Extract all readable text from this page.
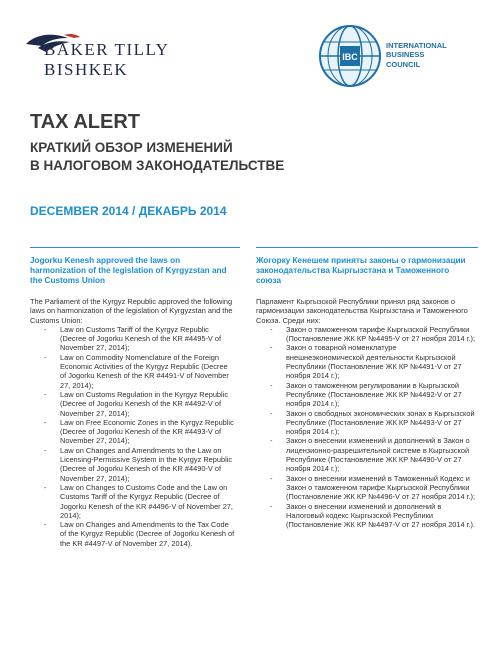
BAKER TILLY
BISHKEK
IBC
INTERNATIONAL
BUSINESS
COUNCIL
TAX ALERT
КРАТКИЙ ОБЗОР ИЗМЕНЕНИЙ
В НАЛОГОВОМ ЗАКОНОДАТЕЛЬСТВЕ
DECEMBER 2014 / ДЕКАБРЬ 2014
Jogorku Kenesh approved the laws on harmonization of the legislation of Kyrgyzstan and the Customs Union
The Parliament of the Kyrgyz Republic approved the following laws on harmonization of the legislation of Kyrgyzstan and the Customs Union:
- Law on Customs Tariff of the Kyrgyz Republic (Decree of Jogorku Kenesh of the KR #4495-V of November 27, 2014);
- Law on Commodity Nomenclature of the Foreign Economic Activities of the Kyrgyz Republic (Decree of Jogorku Kenesh of the KR #4491-V of November 27, 2014);
- Law on Customs Regulation in the Kyrgyz Republic (Decree of Jogorku Kenesh of the KR #4492-V of November 27, 2014);
- Law on Free Economic Zones in the Kyrgyz Republic (Decree of Jogorku Kenesh of the KR #4493-V of November 27, 2014);
- Law on Changes and Amendments to the Law on Licensing-Permissive System in the Kyrgyz Republic (Decree of Jogorku Kenesh of the KR #4490-V of November 27, 2014);
- Law on Changes to Customs Code and the Law on Customs Tariff of the Kyrgyz Republic (Decree of Jogorku Kenesh of the KR #4496-V of November 27, 2014);
- Law on Changes and Amendments to the Tax Code of the Kyrgyz Republic (Decree of Jogorku Kenesh of the KR #4497-V of November 27, 2014).
Жогорку Кенешем приняты законы о гармонизации законодательства Кыргызстана и Таможенного союза
Парламент Кыргызской Республики принял ряд законов о гармонизации законодательства Кыргызстана и Таможенного Союза. Среди них:
- Закон о таможенном тарифе Кыргызской Республики (Постановление ЖК КР №4495-V от 27 ноября 2014 г.);
- Закон о товарной номенклатуре внешнеэкономической деятельности Кыргызской Республики (Постановление ЖК КР №4491-V от 27 ноября 2014 г.);
- Закон о таможенном регулировании в Кыргызской Республике (Постановление ЖК КР №4492-V от 27 ноября 2014 г.);
- Закон о свободных экономических зонах в Кыргызской Республике (Постановление ЖК КР №4493-V от 27 ноября 2014 г.);
- Закон о внесении изменений и дополнений в Закон о лицензионно-разрешительной системе в Кыргызской Республике (Постановление ЖК КР №4490-V от 27 ноября 2014 г.);
- Закон о внесении изменений в Таможенный Кодекс и Закон о таможенном тарифе Кыргызской Республики (Постановление ЖК КР №4496-V от 27 ноября 2014 г.);
- Закон о внесении изменений и дополнений в Налоговый кодекс Кыргызской Республики (Постановление ЖК КР №4497-V от 27 ноября 2014 г.).
